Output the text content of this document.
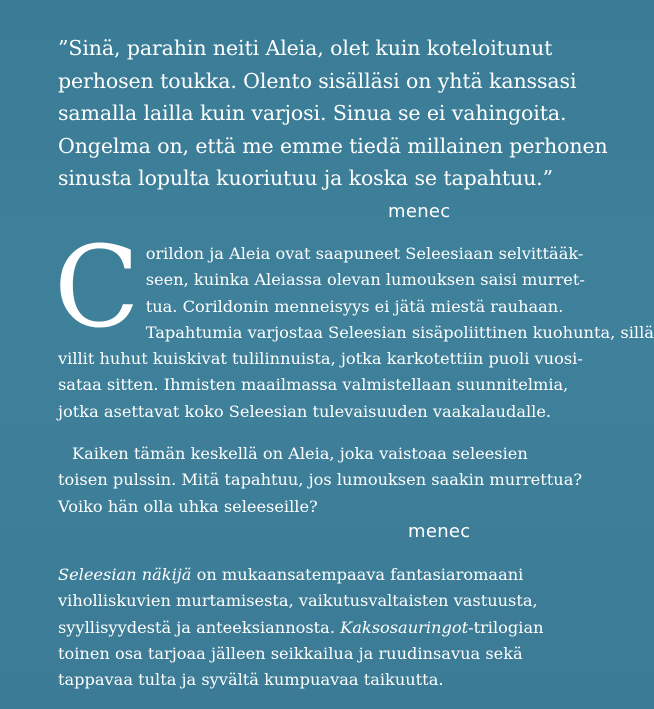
”Sinä, parahin neiti Aleia, olet kuin koteloitunut
perhosen toukka. Olento sisälläsi on yhtä kanssasi
samalla lailla kuin varjosi. Sinua se ei vahingoita.
Ongelma on, että me emme tiedä millainen perhonen
sinusta lopulta kuoriutuu ja koska se tapahtuu.”

menec

C orildon ja Aleia ovat saapuneet Seleesiaan selvittääk-
seen, kuinka Aleiassa olevan lumouksen saisi murret-
tua. Corildonin menneisyys ei jätä miestä rauhaan.
Tapahtumia varjostaa Seleesian sisäpoliittinen kuohunta, sillä
villit huhut kuiskivat tulilinnuista, jotka karkotettiin puoli vuosi-
sataa sitten. Ihmisten maailmassa valmistellaan suunnitelmia,
jotka asettavat koko Seleesian tulevaisuuden vaakalaudalle.

Kaiken tämän keskellä on Aleia, joka vaistoaa seleesien
toisen pulssin. Mitä tapahtuu, jos lumouksen saakin murrettua?
Voiko hän olla uhka seleeseille?

menec

Seleesian näkijä on mukaansatempaava fantasiaromaani
viholliskuvien murtamisesta, vaikutusvaltaisten vastuusta,
syyllisyydestä ja anteeksiannosta. Kaksosauringot-trilogian
toinen osa tarjoaa jälleen seikkailua ja ruudinsavua sekä
tappavaa tulta ja syvältä kumpuavaa taikuutta.
